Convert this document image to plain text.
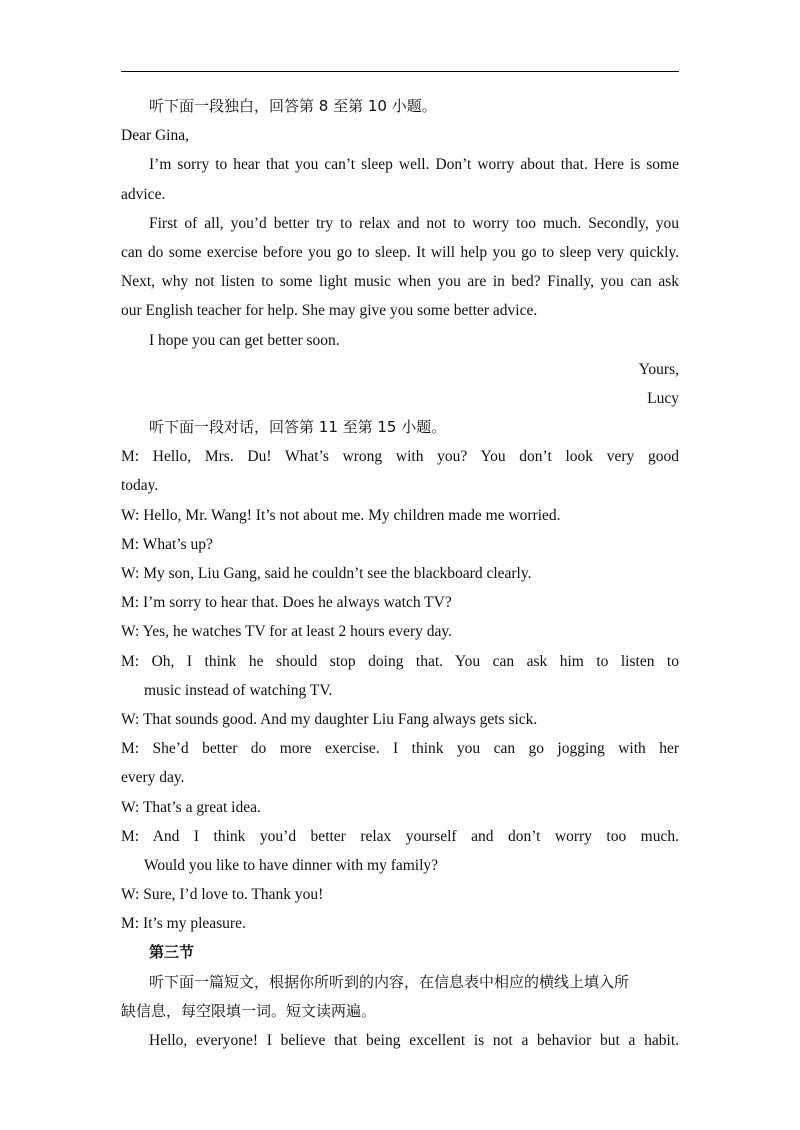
听下面一段独白，回答第 8 至第 10 小题。
Dear Gina,
I’m sorry to hear that you can’t sleep well. Don’t worry about that. Here is some
advice.
First of all, you’d better try to relax and not to worry too much. Secondly, you
can do some exercise before you go to sleep. It will help you go to sleep very quickly.
Next, why not listen to some light music when you are in bed? Finally, you can ask
our English teacher for help. She may give you some better advice.
I hope you can get better soon.
Yours,
Lucy
听下面一段对话，回答第 11 至第 15 小题。
M: Hello, Mrs. Du! What’s wrong with you? You don’t look very good
today.
W: Hello, Mr. Wang! It’s not about me. My children made me worried.
M: What’s up?
W: My son, Liu Gang, said he couldn’t see the blackboard clearly.
M: I’m sorry to hear that. Does he always watch TV?
W: Yes, he watches TV for at least 2 hours every day.
M: Oh, I think he should stop doing that. You can ask him to listen to
music instead of watching TV.
W: That sounds good. And my daughter Liu Fang always gets sick.
M: She’d better do more exercise. I think you can go jogging with her
every day.
W: That’s a great idea.
M: And I think you’d better relax yourself and don’t worry too much.
Would you like to have dinner with my family?
W: Sure, I’d love to. Thank you!
M: It’s my pleasure.
第三节
听下面一篇短文，根据你所听到的内容，在信息表中相应的横线上填入所
缺信息，每空限填一词。短文读两遍。
Hello, everyone! I believe that being excellent is not a behavior but a habit.
